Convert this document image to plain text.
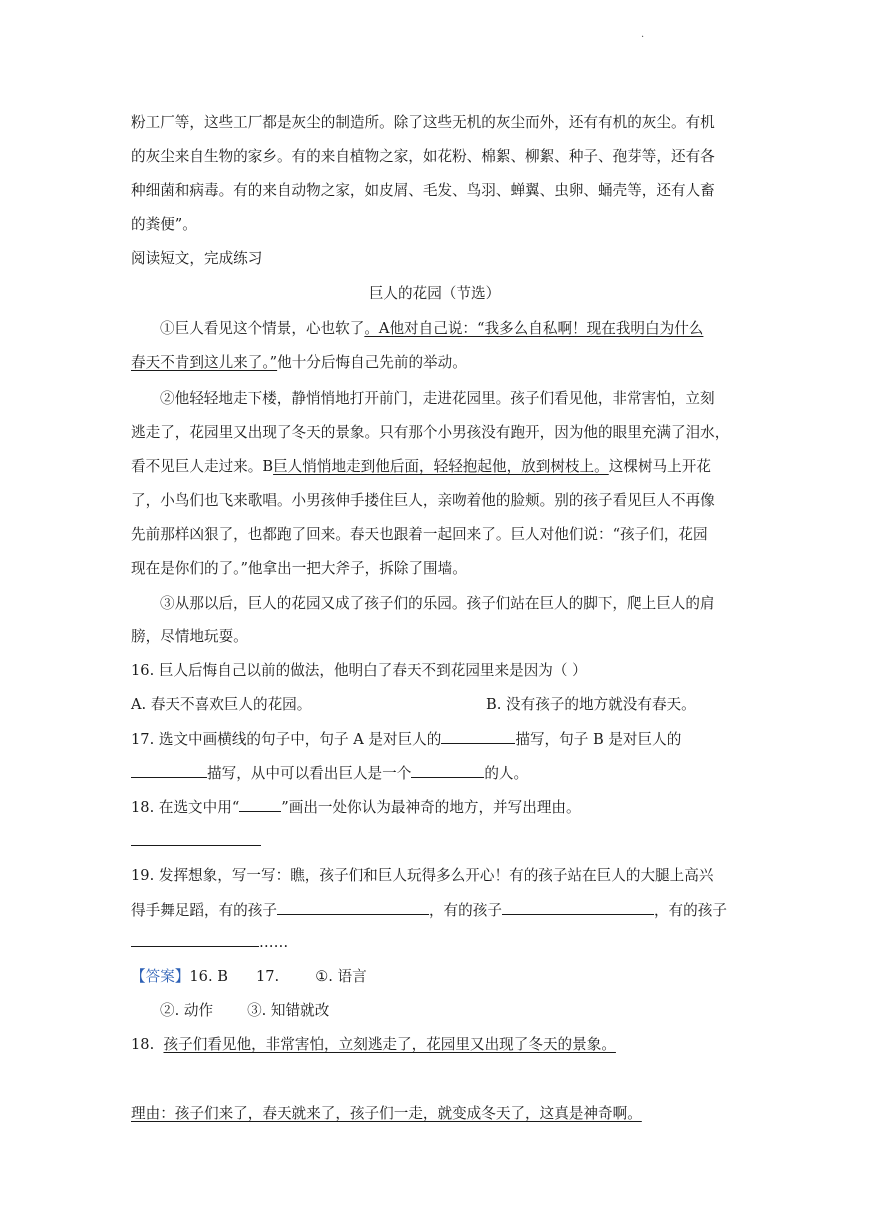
·
粉工厂等，这些工厂都是灰尘的制造所。除了这些无机的灰尘而外，还有有机的灰尘。有机
的灰尘来自生物的家乡。有的来自植物之家，如花粉、棉絮、柳絮、种子、孢芽等，还有各
种细菌和病毒。有的来自动物之家，如皮屑、毛发、鸟羽、蝉翼、虫卵、蛹壳等，还有人畜
的粪便”。
阅读短文，完成练习
巨人的花园（节选）
①巨人看见这个情景，心也软了。A他对自己说：“我多么自私啊！现在我明白为什么
春天不肯到这儿来了。”他十分后悔自己先前的举动。
②他轻轻地走下楼，静悄悄地打开前门，走进花园里。孩子们看见他，非常害怕，立刻
逃走了，花园里又出现了冬天的景象。只有那个小男孩没有跑开，因为他的眼里充满了泪水，
看不见巨人走过来。B巨人悄悄地走到他后面，轻轻抱起他，放到树枝上。这棵树马上开花
了，小鸟们也飞来歌唱。小男孩伸手搂住巨人，亲吻着他的脸颊。别的孩子看见巨人不再像
先前那样凶狠了，也都跑了回来。春天也跟着一起回来了。巨人对他们说：“孩子们，花园
现在是你们的了。”他拿出一把大斧子，拆除了围墙。
③从那以后，巨人的花园又成了孩子们的乐园。孩子们站在巨人的脚下，爬上巨人的肩
膀，尽情地玩耍。
16. 巨人后悔自己以前的做法，他明白了春天不到花园里来是因为（ ）
A. 春天不喜欢巨人的花园。	B. 没有孩子的地方就没有春天。
17. 选文中画横线的句子中，句子 A 是对巨人的	描写，句子 B 是对巨人的
描写，从中可以看出巨人是一个	的人。
18. 在选文中用“	”画出一处你认为最神奇的地方，并写出理由。
19. 发挥想象，写一写：瞧，孩子们和巨人玩得多么开心！有的孩子站在巨人的大腿上高兴
得手舞足蹈，有的孩子	，有的孩子	，有的孩子
……
【答案】16. B 17. ①. 语言
②. 动作 ③. 知错就改
18. 孩子们看见他，非常害怕，立刻逃走了，花园里又出现了冬天的景象。
理由：孩子们来了，春天就来了，孩子们一走，就变成冬天了，这真是神奇啊。
